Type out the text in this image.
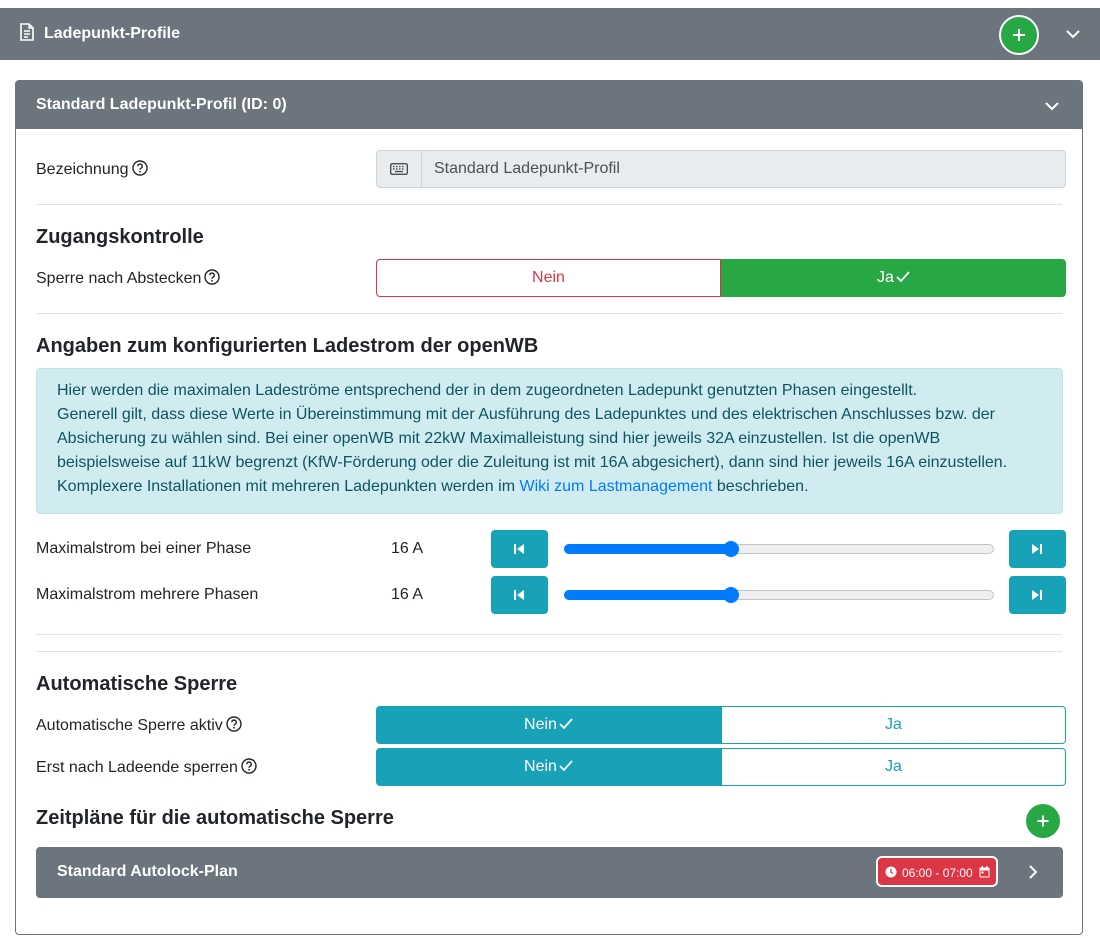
Ladepunkt-Profile
Standard Ladepunkt-Profil (ID: 0)
Bezeichnung
Standard Ladepunkt-Profil
Zugangskontrolle
Sperre nach Abstecken	Nein	Ja
Angaben zum konfigurierten Ladestrom der openWB
Hier werden die maximalen Ladeströme entsprechend der in dem zugeordneten Ladepunkt genutzten Phasen eingestellt.
Generell gilt, dass diese Werte in Übereinstimmung mit der Ausführung des Ladepunktes und des elektrischen Anschlusses bzw. der Absicherung zu wählen sind. Bei einer openWB mit 22kW Maximalleistung sind hier jeweils 32A einzustellen. Ist die openWB beispielsweise auf 11kW begrenzt (KfW-Förderung oder die Zuleitung ist mit 16A abgesichert), dann sind hier jeweils 16A einzustellen.
Komplexere Installationen mit mehreren Ladepunkten werden im Wiki zum Lastmanagement beschrieben.
Maximalstrom bei einer Phase	16 A
Maximalstrom mehrere Phasen	16 A
Automatische Sperre
Automatische Sperre aktiv	Nein	Ja
Erst nach Ladeende sperren	Nein	Ja
Zeitpläne für die automatische Sperre
Standard Autolock-Plan	06:00 - 07:00
